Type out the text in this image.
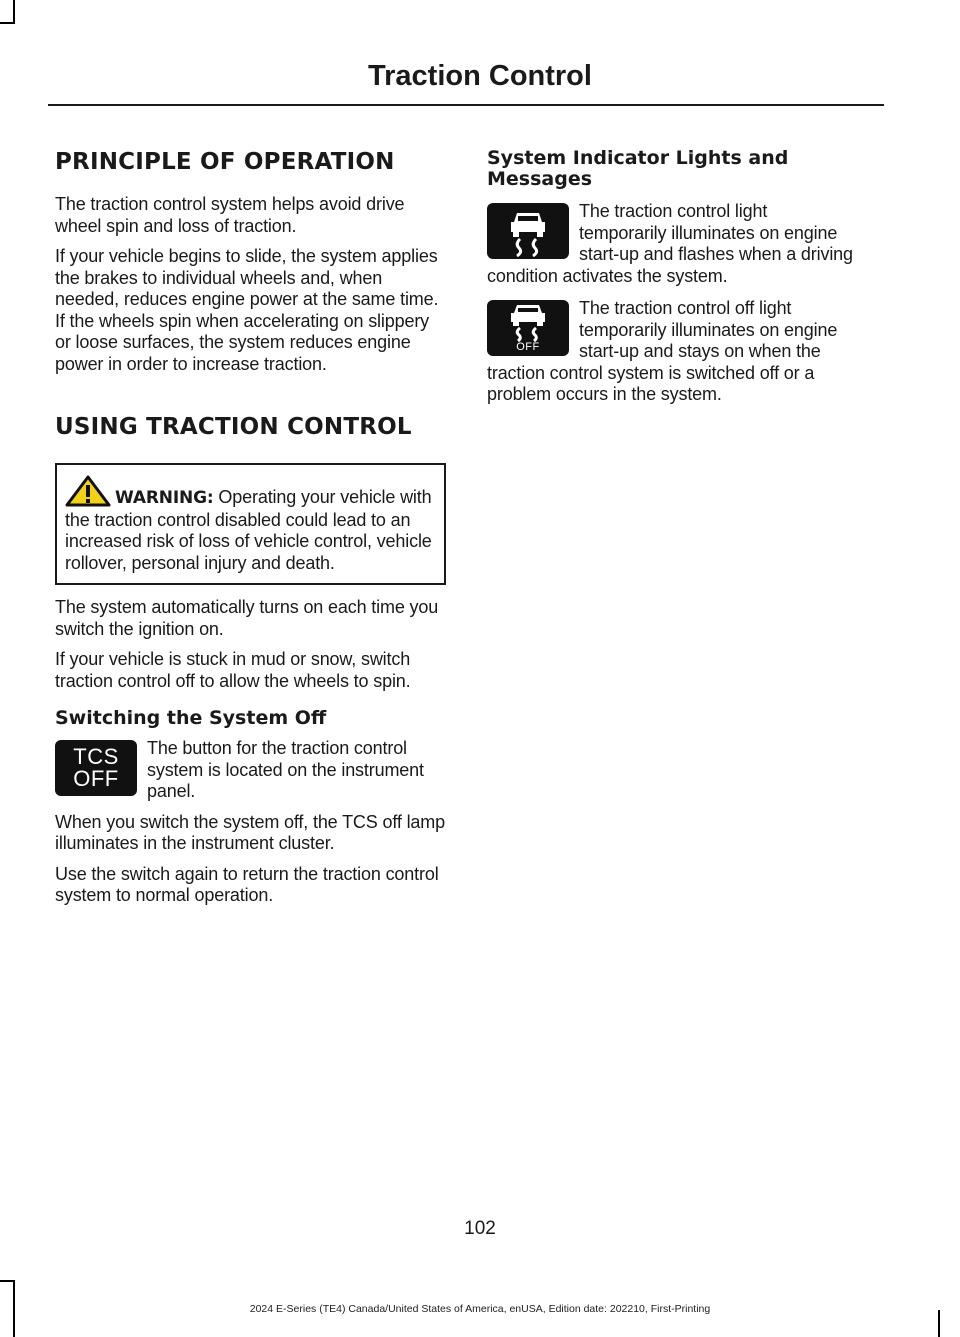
Traction Control
PRINCIPLE OF OPERATION

The traction control system helps avoid drive wheel spin and loss of traction.

If your vehicle begins to slide, the system applies the brakes to individual wheels and, when needed, reduces engine power at the same time. If the wheels spin when accelerating on slippery or loose surfaces, the system reduces engine power in order to increase traction.

USING TRACTION CONTROL

WARNING: Operating your vehicle with the traction control disabled could lead to an increased risk of loss of vehicle control, vehicle rollover, personal injury and death.

The system automatically turns on each time you switch the ignition on.

If your vehicle is stuck in mud or snow, switch traction control off to allow the wheels to spin.

Switching the System Off
TCS
OFF

The button for the traction control system is located on the instrument panel.

When you switch the system off, the TCS off lamp illuminates in the instrument cluster.

Use the switch again to return the traction control system to normal operation.

System Indicator Lights and Messages

The traction control light temporarily illuminates on engine start-up and flashes when a driving condition activates the system.

OFF

The traction control off light temporarily illuminates on engine start-up and stays on when the traction control system is switched off or a problem occurs in the system.

102
2024 E-Series (TE4) Canada/United States of America, enUSA, Edition date: 202210, First-Printing
